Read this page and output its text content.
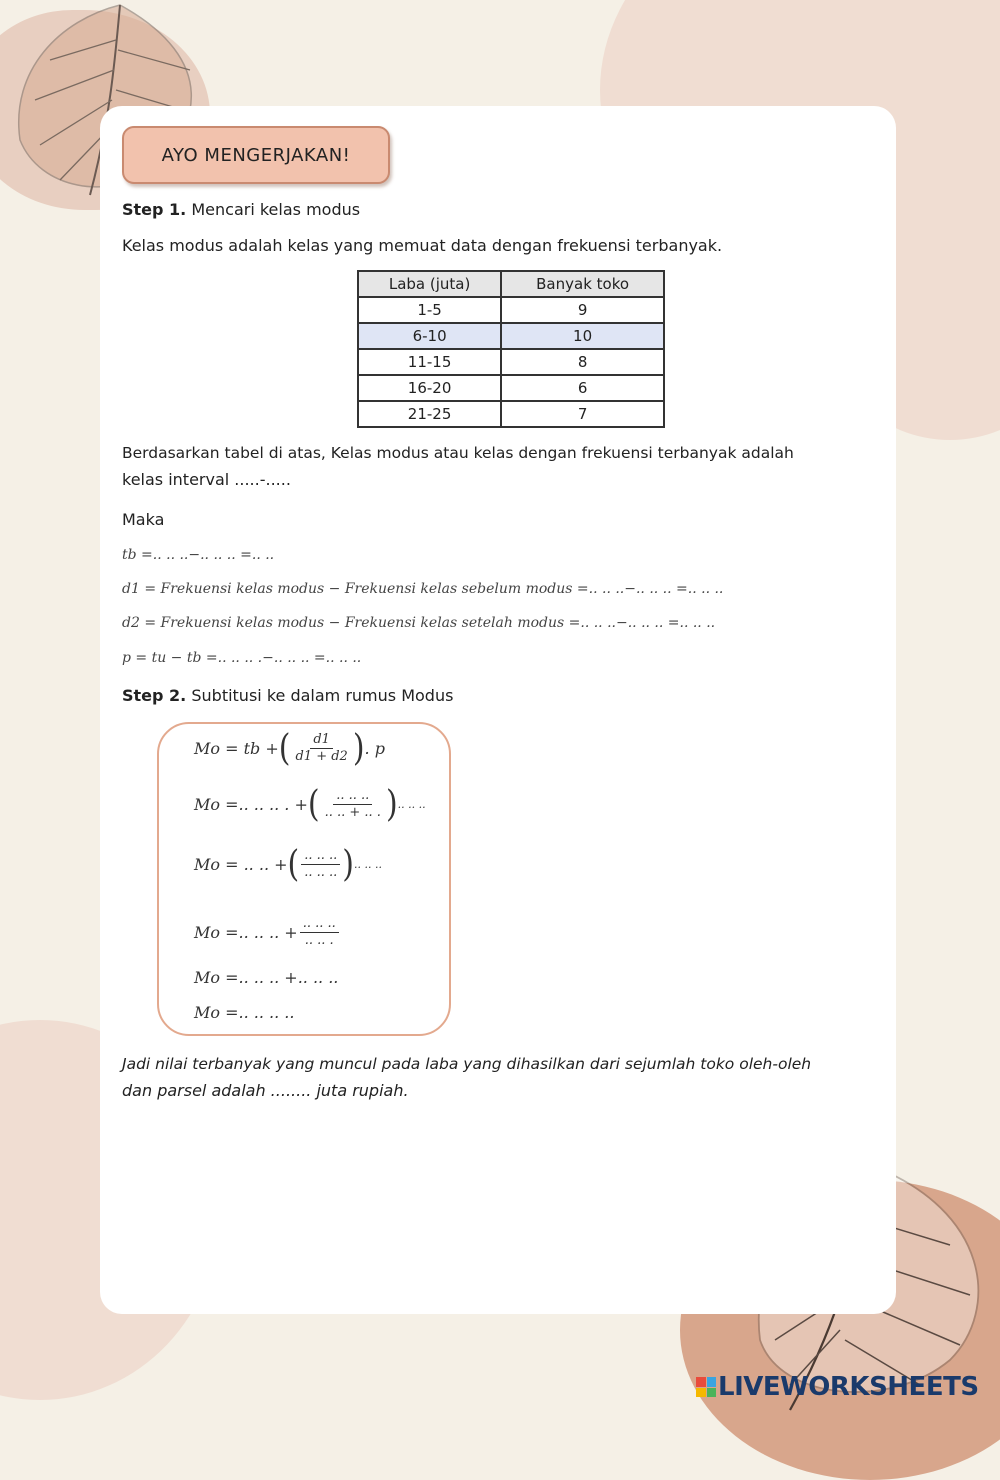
AYO MENGERJAKAN!
Step 1. Mencari kelas modus
Kelas modus adalah kelas yang memuat data dengan frekuensi terbanyak.
Laba (juta)	Banyak toko
1-5	9
6-10	10
11-15	8
16-20	6
21-25	7
Berdasarkan tabel di atas, Kelas modus atau kelas dengan frekuensi terbanyak adalah
kelas interval .....-.....
Maka
tb =.. .. ..−.. .. .. =.. ..
d1 = Frekuensi kelas modus − Frekuensi kelas sebelum modus =.. .. ..−.. .. .. =.. .. ..
d2 = Frekuensi kelas modus − Frekuensi kelas setelah modus =.. .. ..−.. .. .. =.. .. ..
p = tu − tb =.. .. .. .−.. .. .. =.. .. ..
Step 2. Subtitusi ke dalam rumus Modus
Mo = tb + ( $\frac{d1}{d1 + d2}$ ) . p
Mo =.. .. .. . + ( $\frac{.. .. ..}{.. .. + .. .}$ ) .. .. ..
Mo = .. .. + ( $\frac{.. .. ..}{.. .. ..}$ ) .. .. ..
Mo =.. .. .. + $\frac{.. .. ..}{.. .. .}$
Mo =.. .. .. +.. .. ..
Mo =.. .. .. ..
Jadi nilai terbanyak yang muncul pada laba yang dihasilkan dari sejumlah toko oleh-oleh
dan parsel adalah ........ juta rupiah.
LIVEWORKSHEETS
